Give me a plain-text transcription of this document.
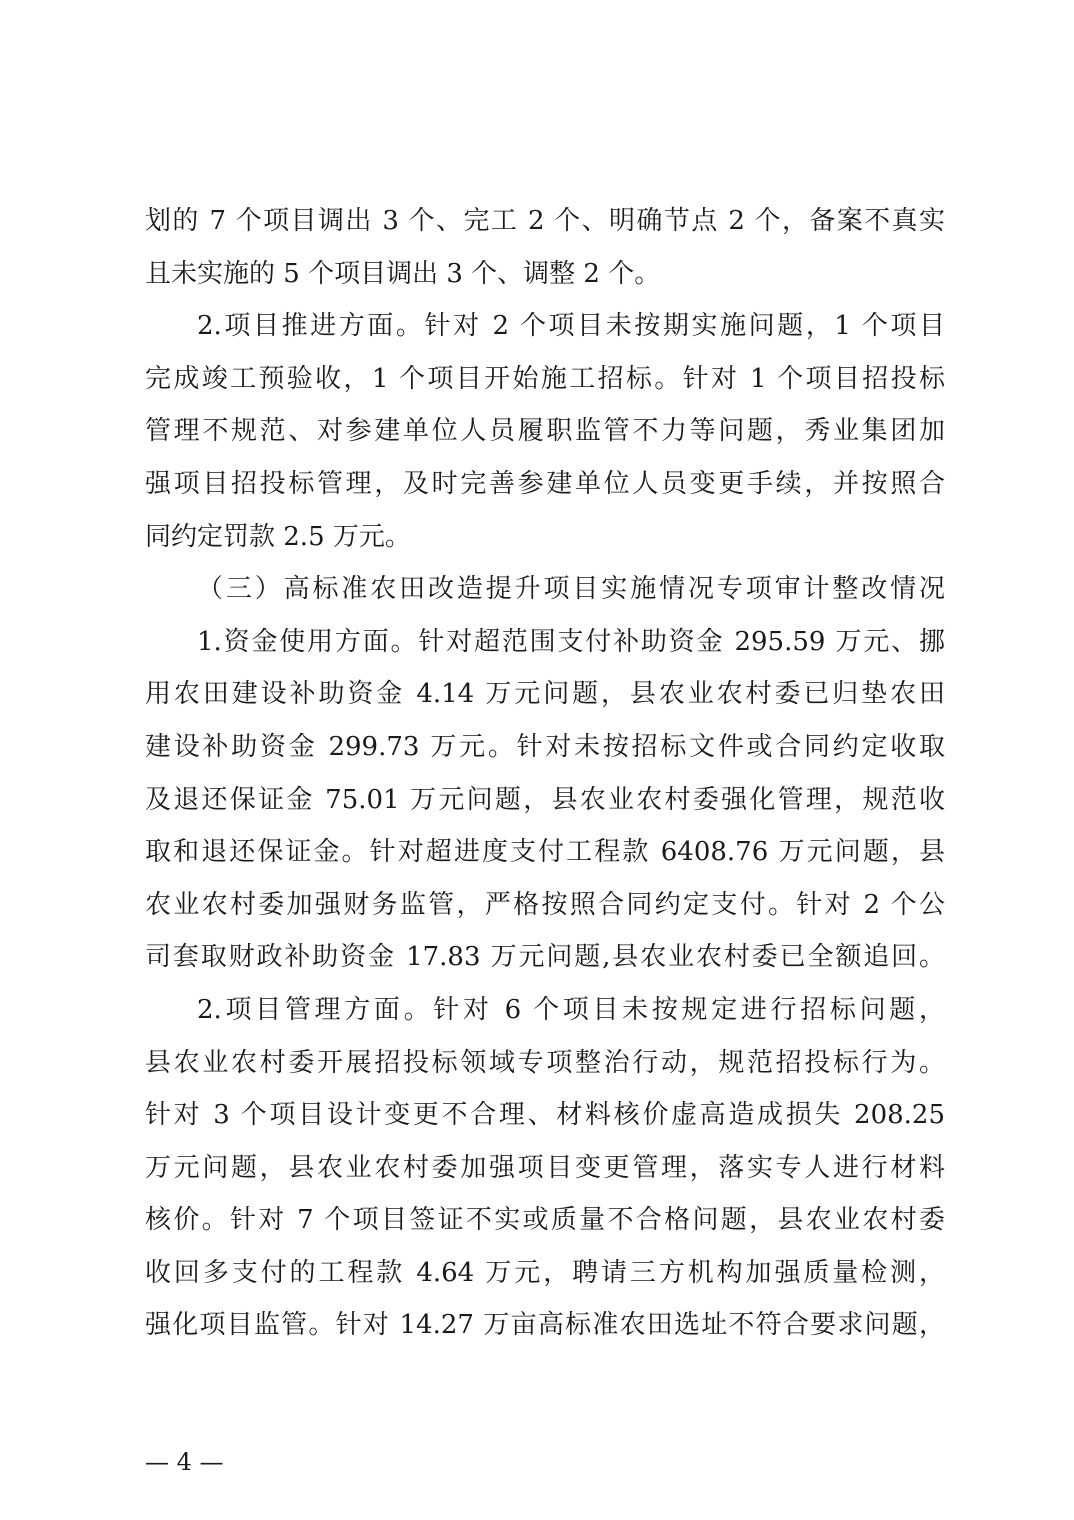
划的 7 个项目调出 3 个、完工 2 个、明确节点 2 个，备案不真实
且未实施的 5 个项目调出 3 个、调整 2 个。
2.项目推进方面。针对 2 个项目未按期实施问题，1 个项目
完成竣工预验收，1 个项目开始施工招标。针对 1 个项目招投标
管理不规范、对参建单位人员履职监管不力等问题，秀业集团加
强项目招投标管理，及时完善参建单位人员变更手续，并按照合
同约定罚款 2.5 万元。
（三）高标准农田改造提升项目实施情况专项审计整改情况
1.资金使用方面。针对超范围支付补助资金 295.59 万元、挪
用农田建设补助资金 4.14 万元问题，县农业农村委已归垫农田
建设补助资金 299.73 万元。针对未按招标文件或合同约定收取
及退还保证金 75.01 万元问题，县农业农村委强化管理，规范收
取和退还保证金。针对超进度支付工程款 6408.76 万元问题，县
农业农村委加强财务监管，严格按照合同约定支付。针对 2 个公
司套取财政补助资金 17.83 万元问题,县农业农村委已全额追回。
2.项目管理方面。针对 6 个项目未按规定进行招标问题，
县农业农村委开展招投标领域专项整治行动，规范招投标行为。
针对 3 个项目设计变更不合理、材料核价虚高造成损失 208.25
万元问题，县农业农村委加强项目变更管理，落实专人进行材料
核价。针对 7 个项目签证不实或质量不合格问题，县农业农村委
收回多支付的工程款 4.64 万元，聘请三方机构加强质量检测，
强化项目监管。针对 14.27 万亩高标准农田选址不符合要求问题，
— 4 —
